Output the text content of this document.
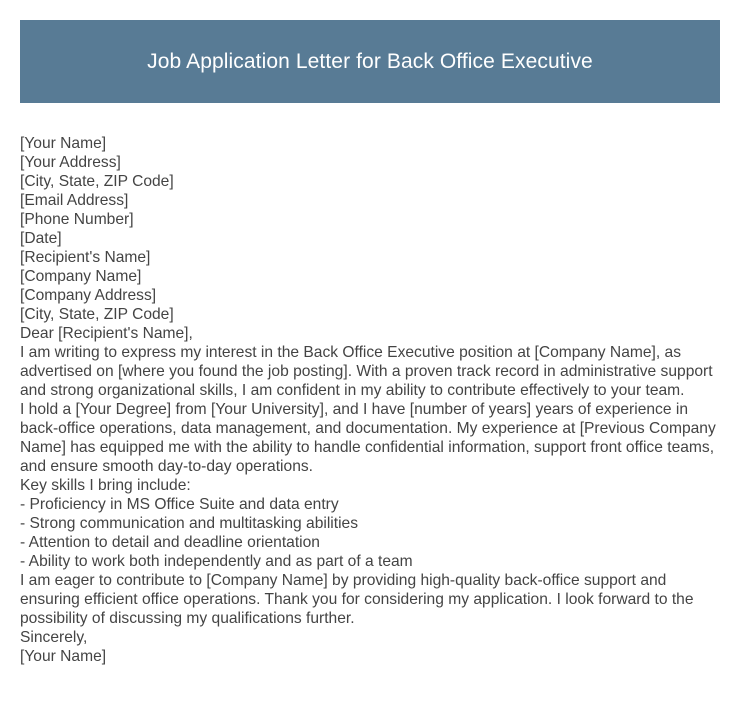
Job Application Letter for Back Office Executive
[Your Name]
[Your Address]
[City, State, ZIP Code]
[Email Address]
[Phone Number]
[Date]
[Recipient's Name]
[Company Name]
[Company Address]
[City, State, ZIP Code]
Dear [Recipient's Name],
I am writing to express my interest in the Back Office Executive position at [Company Name], as advertised on [where you found the job posting]. With a proven track record in administrative support and strong organizational skills, I am confident in my ability to contribute effectively to your team.
I hold a [Your Degree] from [Your University], and I have [number of years] years of experience in back-office operations, data management, and documentation. My experience at [Previous Company Name] has equipped me with the ability to handle confidential information, support front office teams, and ensure smooth day-to-day operations.
Key skills I bring include:
- Proficiency in MS Office Suite and data entry
- Strong communication and multitasking abilities
- Attention to detail and deadline orientation
- Ability to work both independently and as part of a team
I am eager to contribute to [Company Name] by providing high-quality back-office support and ensuring efficient office operations. Thank you for considering my application. I look forward to the possibility of discussing my qualifications further.
Sincerely,
[Your Name]
